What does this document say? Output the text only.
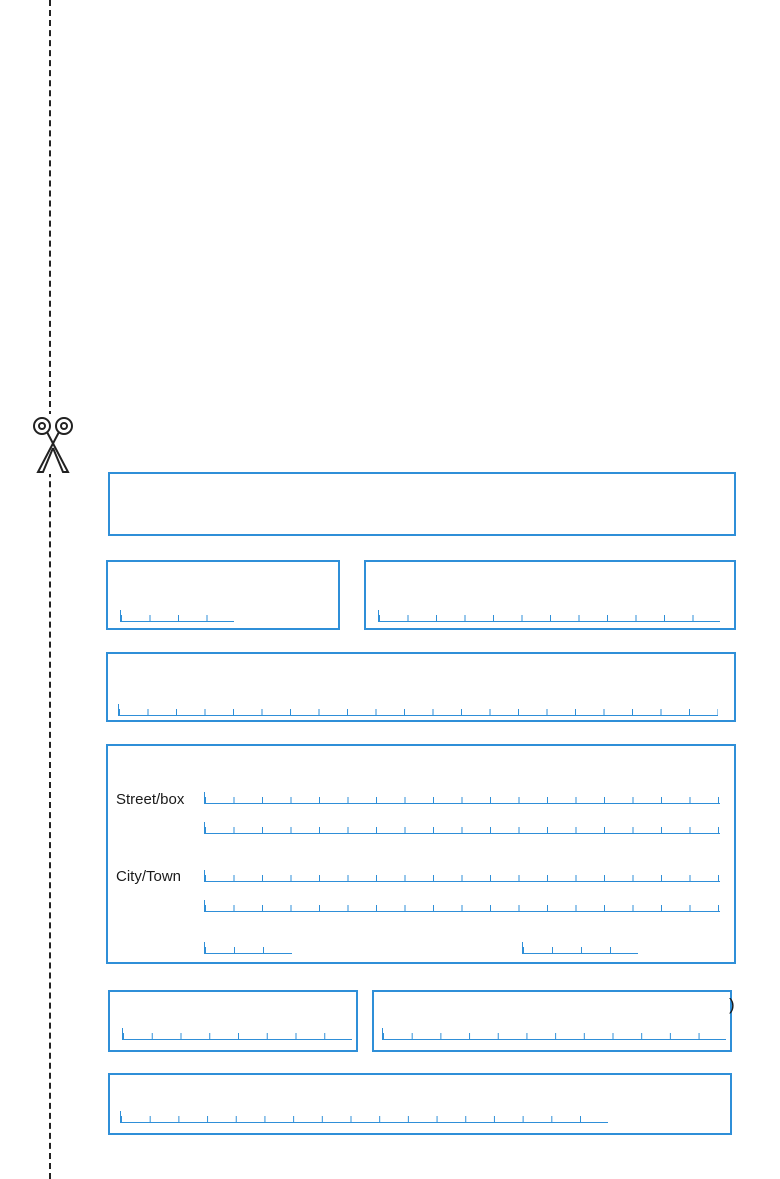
Street/box
City/Town
)
